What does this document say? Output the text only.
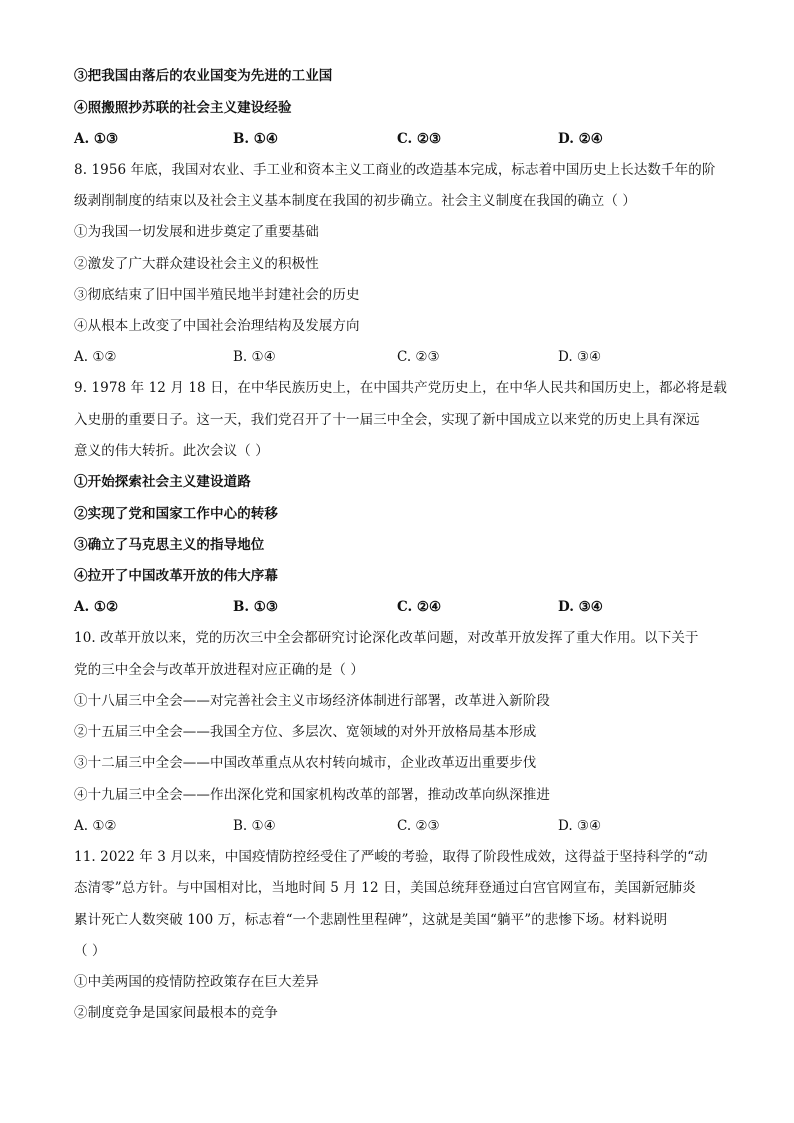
③把我国由落后的农业国变为先进的工业国
④照搬照抄苏联的社会主义建设经验
A. ①③	B. ①④	C. ②③	D. ②④
8. 1956 年底，我国对农业、手工业和资本主义工商业的改造基本完成，标志着中国历史上长达数千年的阶
级剥削制度的结束以及社会主义基本制度在我国的初步确立。社会主义制度在我国的确立（ ）
①为我国一切发展和进步奠定了重要基础
②激发了广大群众建设社会主义的积极性
③彻底结束了旧中国半殖民地半封建社会的历史
④从根本上改变了中国社会治理结构及发展方向
A. ①②	B. ①④	C. ②③	D. ③④
9. 1978 年 12 月 18 日，在中华民族历史上，在中国共产党历史上，在中华人民共和国历史上，都必将是载
入史册的重要日子。这一天，我们党召开了十一届三中全会，实现了新中国成立以来党的历史上具有深远
意义的伟大转折。此次会议（ ）
①开始探索社会主义建设道路
②实现了党和国家工作中心的转移
③确立了马克思主义的指导地位
④拉开了中国改革开放的伟大序幕
A. ①②	B. ①③	C. ②④	D. ③④
10. 改革开放以来，党的历次三中全会都研究讨论深化改革问题，对改革开放发挥了重大作用。以下关于
党的三中全会与改革开放进程对应正确的是（ ）
①十八届三中全会——对完善社会主义市场经济体制进行部署，改革进入新阶段
②十五届三中全会——我国全方位、多层次、宽领域的对外开放格局基本形成
③十二届三中全会——中国改革重点从农村转向城市，企业改革迈出重要步伐
④十九届三中全会——作出深化党和国家机构改革的部署，推动改革向纵深推进
A. ①②	B. ①④	C. ②③	D. ③④
11. 2022 年 3 月以来，中国疫情防控经受住了严峻的考验，取得了阶段性成效，这得益于坚持科学的“动
态清零”总方针。与中国相对比，当地时间 5 月 12 日，美国总统拜登通过白宫官网宣布，美国新冠肺炎
累计死亡人数突破 100 万，标志着“一个悲剧性里程碑”，这就是美国“躺平”的悲惨下场。材料说明
（ ）
①中美两国的疫情防控政策存在巨大差异
②制度竞争是国家间最根本的竞争
